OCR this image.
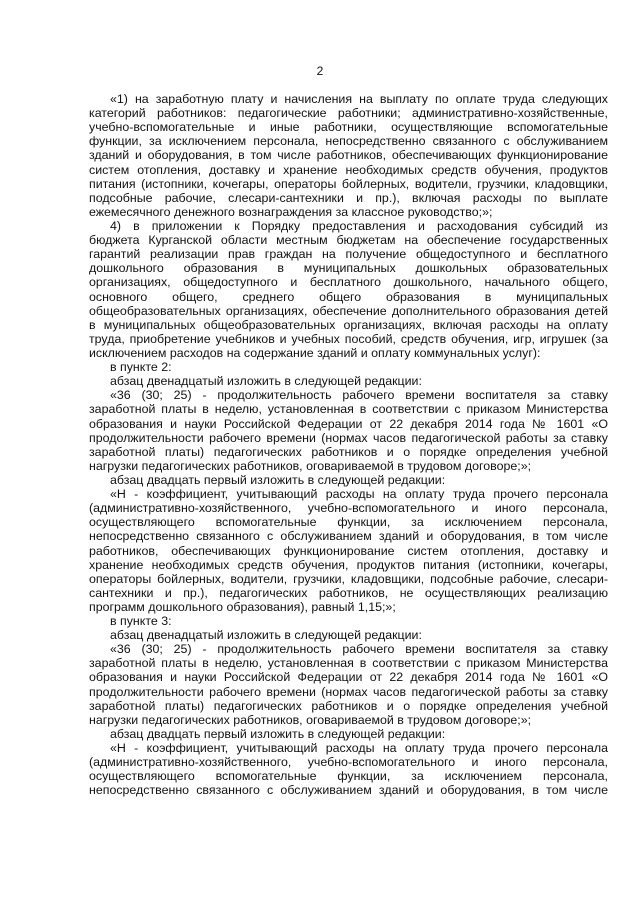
2
«1) на заработную плату и начисления на выплату по оплате труда следующих
категорий работников: педагогические работники; административно-хозяйственные,
учебно-вспомогательные и иные работники, осуществляющие вспомогательные
функции, за исключением персонала, непосредственно связанного с обслуживанием
зданий и оборудования, в том числе работников, обеспечивающих функционирование
систем отопления, доставку и хранение необходимых средств обучения, продуктов
питания (истопники, кочегары, операторы бойлерных, водители, грузчики, кладовщики,
подсобные рабочие, слесари-сантехники и пр.), включая расходы по выплате
ежемесячного денежного вознаграждения за классное руководство;»;
4) в приложении к Порядку предоставления и расходования субсидий из
бюджета Курганской области местным бюджетам на обеспечение государственных
гарантий реализации прав граждан на получение общедоступного и бесплатного
дошкольного образования в муниципальных дошкольных образовательных
организациях, общедоступного и бесплатного дошкольного, начального общего,
основного общего, среднего общего образования в муниципальных
общеобразовательных организациях, обеспечение дополнительного образования детей
в муниципальных общеобразовательных организациях, включая расходы на оплату
труда, приобретение учебников и учебных пособий, средств обучения, игр, игрушек (за
исключением расходов на содержание зданий и оплату коммунальных услуг):
в пункте 2:
абзац двенадцатый изложить в следующей редакции:
«36 (30; 25) - продолжительность рабочего времени воспитателя за ставку
заработной платы в неделю, установленная в соответствии с приказом Министерства
образования и науки Российской Федерации от 22 декабря 2014 года № 1601 «О
продолжительности рабочего времени (нормах часов педагогической работы за ставку
заработной платы) педагогических работников и о порядке определения учебной
нагрузки педагогических работников, оговариваемой в трудовом договоре;»;
абзац двадцать первый изложить в следующей редакции:
«Н - коэффициент, учитывающий расходы на оплату труда прочего персонала
(административно-хозяйственного, учебно-вспомогательного и иного персонала,
осуществляющего вспомогательные функции, за исключением персонала,
непосредственно связанного с обслуживанием зданий и оборудования, в том числе
работников, обеспечивающих функционирование систем отопления, доставку и
хранение необходимых средств обучения, продуктов питания (истопники, кочегары,
операторы бойлерных, водители, грузчики, кладовщики, подсобные рабочие, слесари-
сантехники и пр.), педагогических работников, не осуществляющих реализацию
программ дошкольного образования), равный 1,15;»;
в пункте 3:
абзац двенадцатый изложить в следующей редакции:
«36 (30; 25) - продолжительность рабочего времени воспитателя за ставку
заработной платы в неделю, установленная в соответствии с приказом Министерства
образования и науки Российской Федерации от 22 декабря 2014 года № 1601 «О
продолжительности рабочего времени (нормах часов педагогической работы за ставку
заработной платы) педагогических работников и о порядке определения учебной
нагрузки педагогических работников, оговариваемой в трудовом договоре;»;
абзац двадцать первый изложить в следующей редакции:
«Н - коэффициент, учитывающий расходы на оплату труда прочего персонала
(административно-хозяйственного, учебно-вспомогательного и иного персонала,
осуществляющего вспомогательные функции, за исключением персонала,
непосредственно связанного с обслуживанием зданий и оборудования, в том числе
